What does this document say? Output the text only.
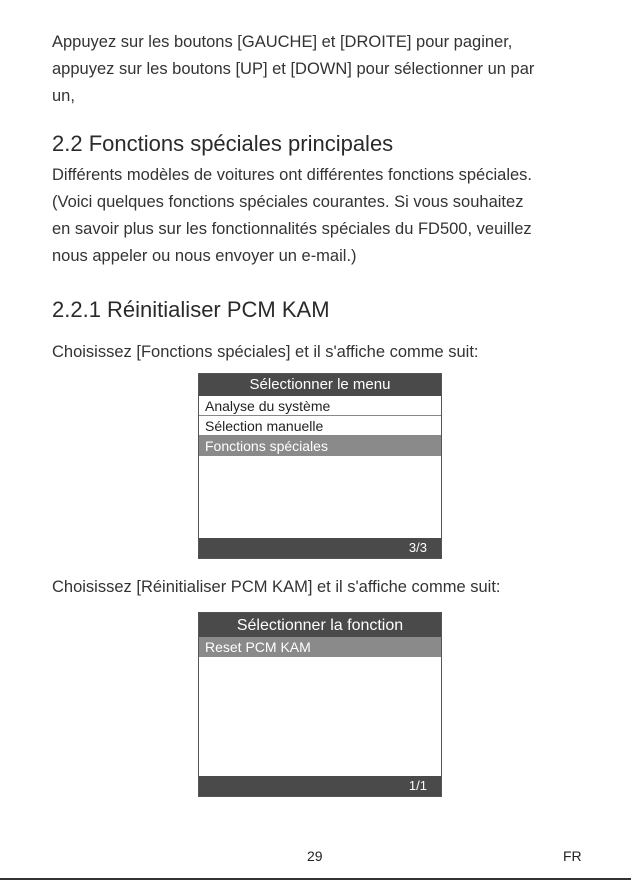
Appuyez sur les boutons [GAUCHE] et [DROITE] pour paginer,
appuyez sur les boutons [UP] et [DOWN] pour sélectionner un par
un,
2.2 Fonctions spéciales principales
Différents modèles de voitures ont différentes fonctions spéciales.
(Voici quelques fonctions spéciales courantes. Si vous souhaitez
en savoir plus sur les fonctionnalités spéciales du FD500, veuillez
nous appeler ou nous envoyer un e-mail.)
2.2.1 Réinitialiser PCM KAM
Choisissez [Fonctions spéciales] et il s'affiche comme suit:
Sélectionner le menu
Analyse du système
Sélection manuelle
Fonctions spéciales
3/3
Choisissez [Réinitialiser PCM KAM] et il s'affiche comme suit:
Sélectionner la fonction
Reset PCM KAM
1/1
29	FR
